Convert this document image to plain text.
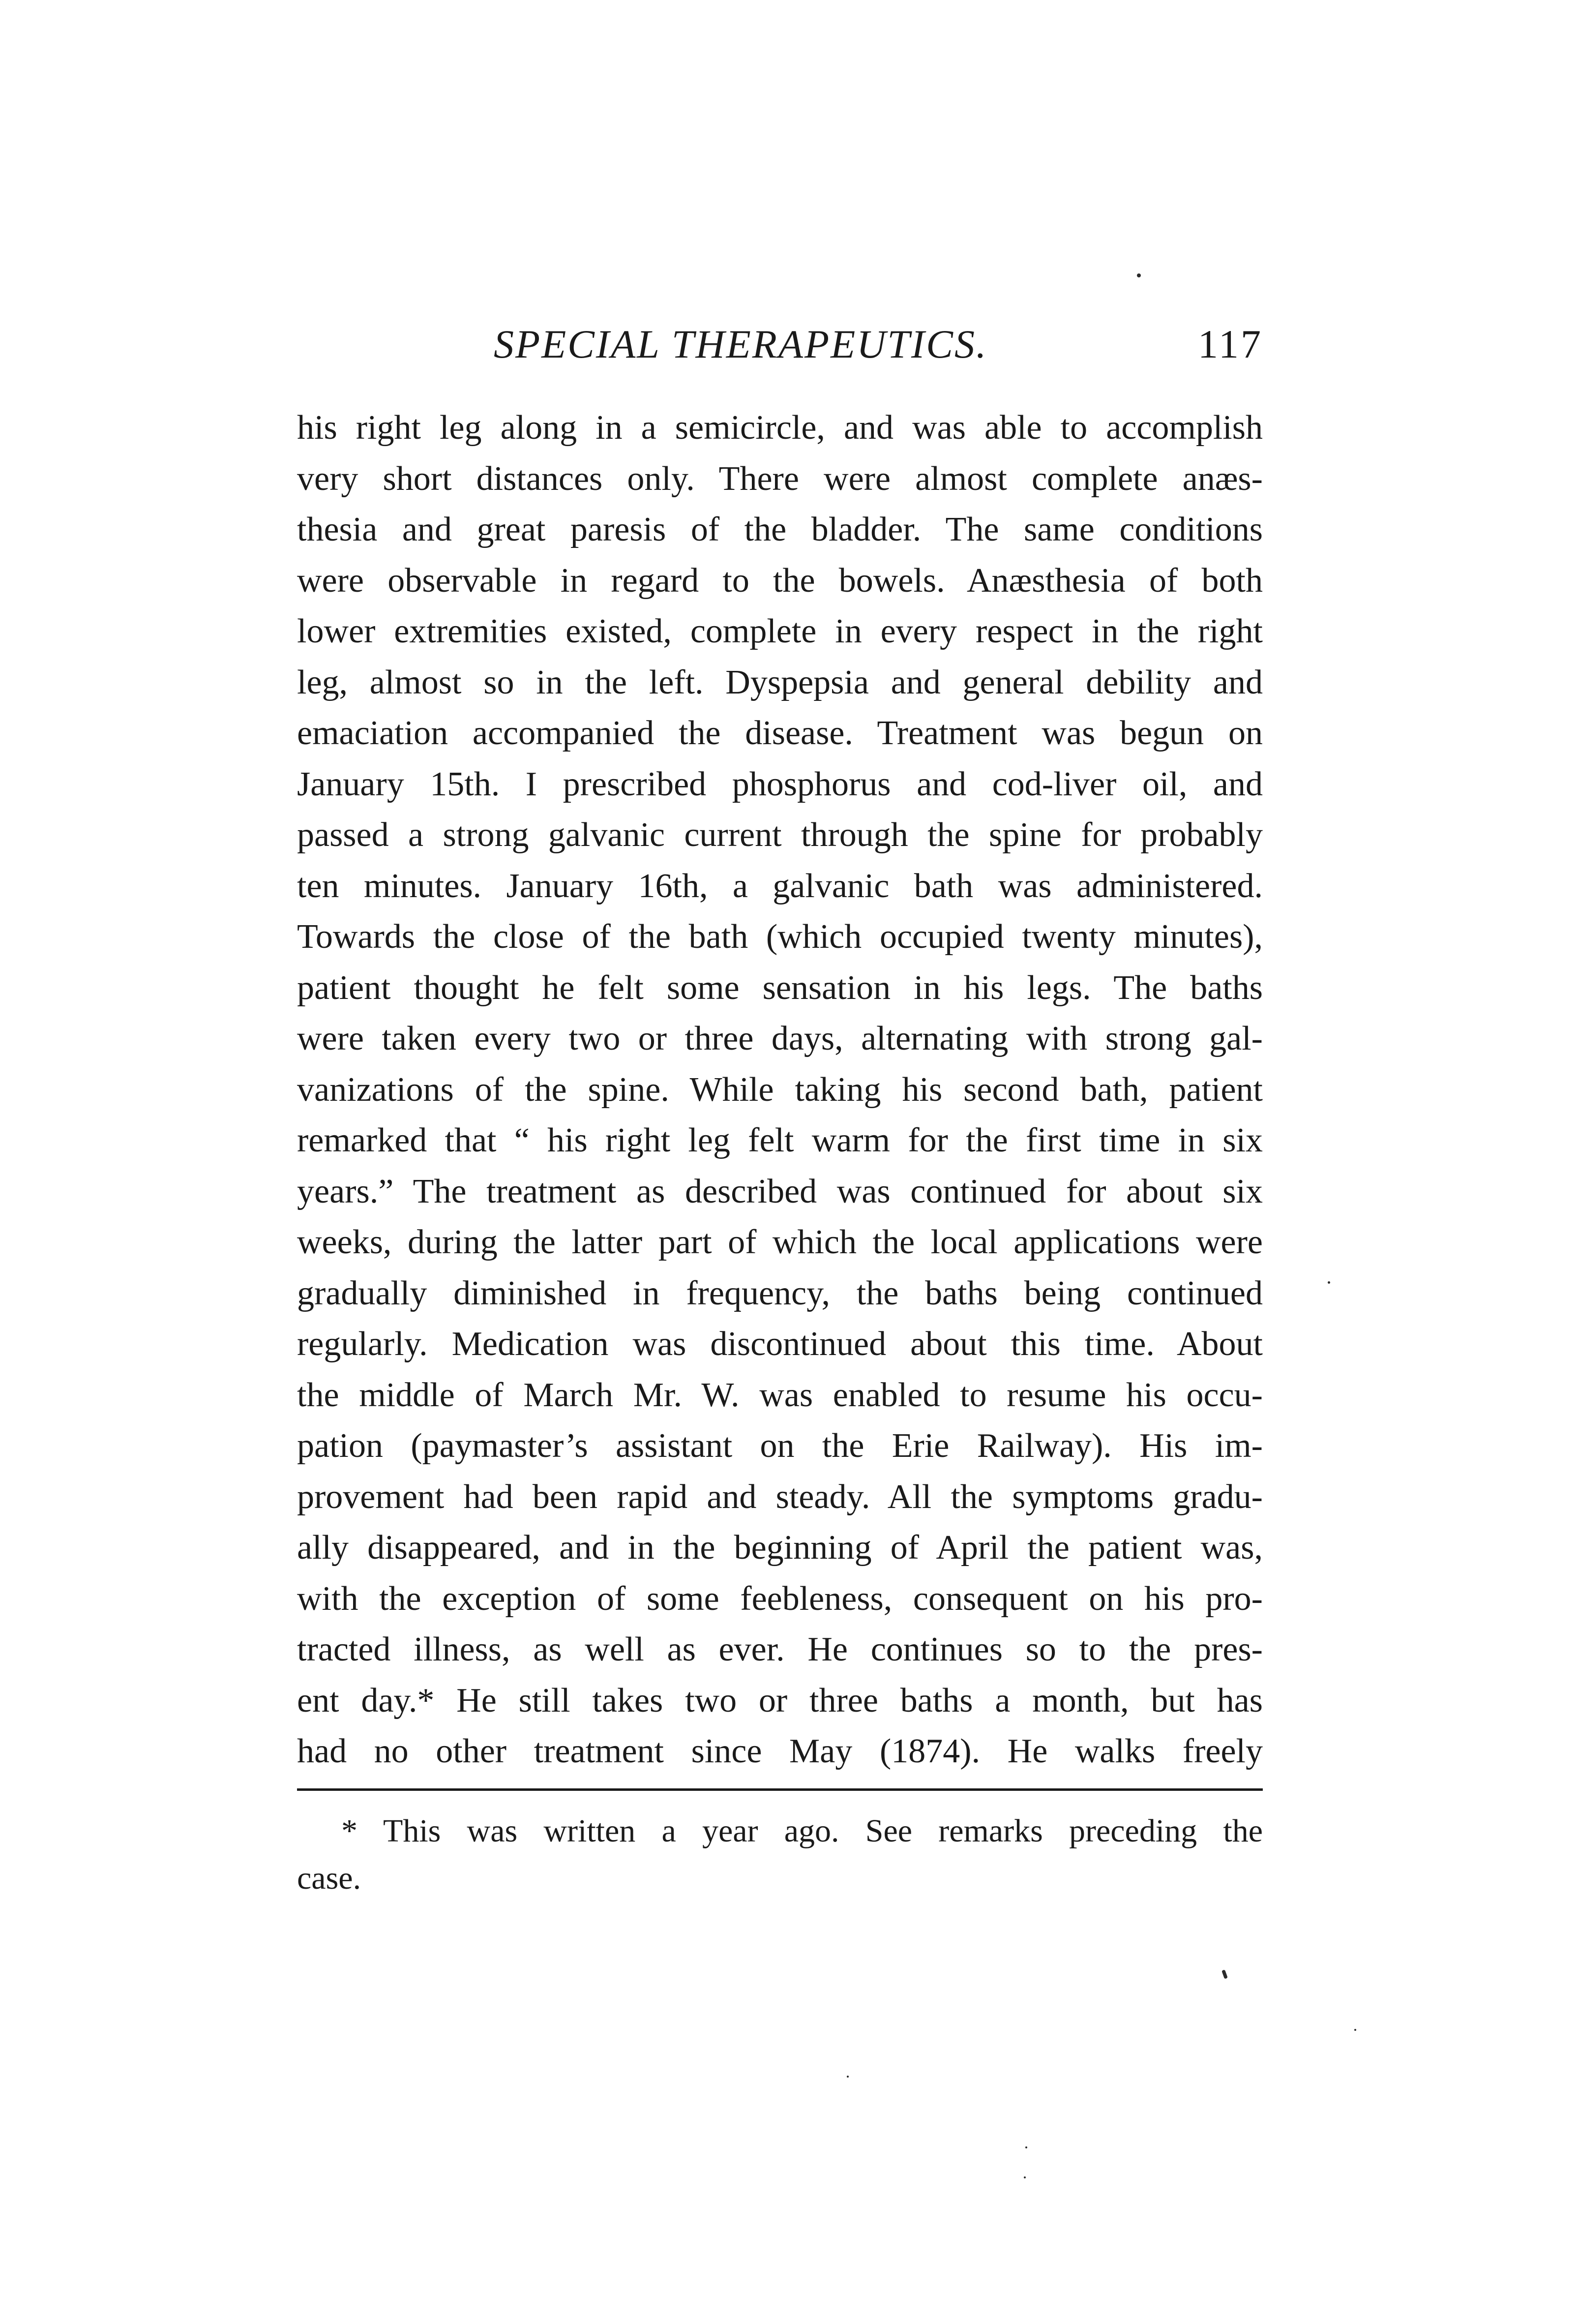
SPECIAL THERAPEUTICS.	117
his right leg along in a semicircle, and was able to accomplish
very short distances only. There were almost complete anæs-
thesia and great paresis of the bladder. The same conditions
were observable in regard to the bowels. Anæsthesia of both
lower extremities existed, complete in every respect in the right
leg, almost so in the left. Dyspepsia and general debility and
emaciation accompanied the disease. Treatment was begun on
January 15th. I prescribed phosphorus and cod-liver oil, and
passed a strong galvanic current through the spine for probably
ten minutes. January 16th, a galvanic bath was administered.
Towards the close of the bath (which occupied twenty minutes),
patient thought he felt some sensation in his legs. The baths
were taken every two or three days, alternating with strong gal-
vanizations of the spine. While taking his second bath, patient
remarked that “ his right leg felt warm for the first time in six
years.” The treatment as described was continued for about six
weeks, during the latter part of which the local applications were
gradually diminished in frequency, the baths being continued
regularly. Medication was discontinued about this time. About
the middle of March Mr. W. was enabled to resume his occu-
pation (paymaster’s assistant on the Erie Railway). His im-
provement had been rapid and steady. All the symptoms gradu-
ally disappeared, and in the beginning of April the patient was,
with the exception of some feebleness, consequent on his pro-
tracted illness, as well as ever. He continues so to the pres-
ent day.* He still takes two or three baths a month, but has
had no other treatment since May (1874). He walks freely
* This was written a year ago. See remarks preceding the
case.
